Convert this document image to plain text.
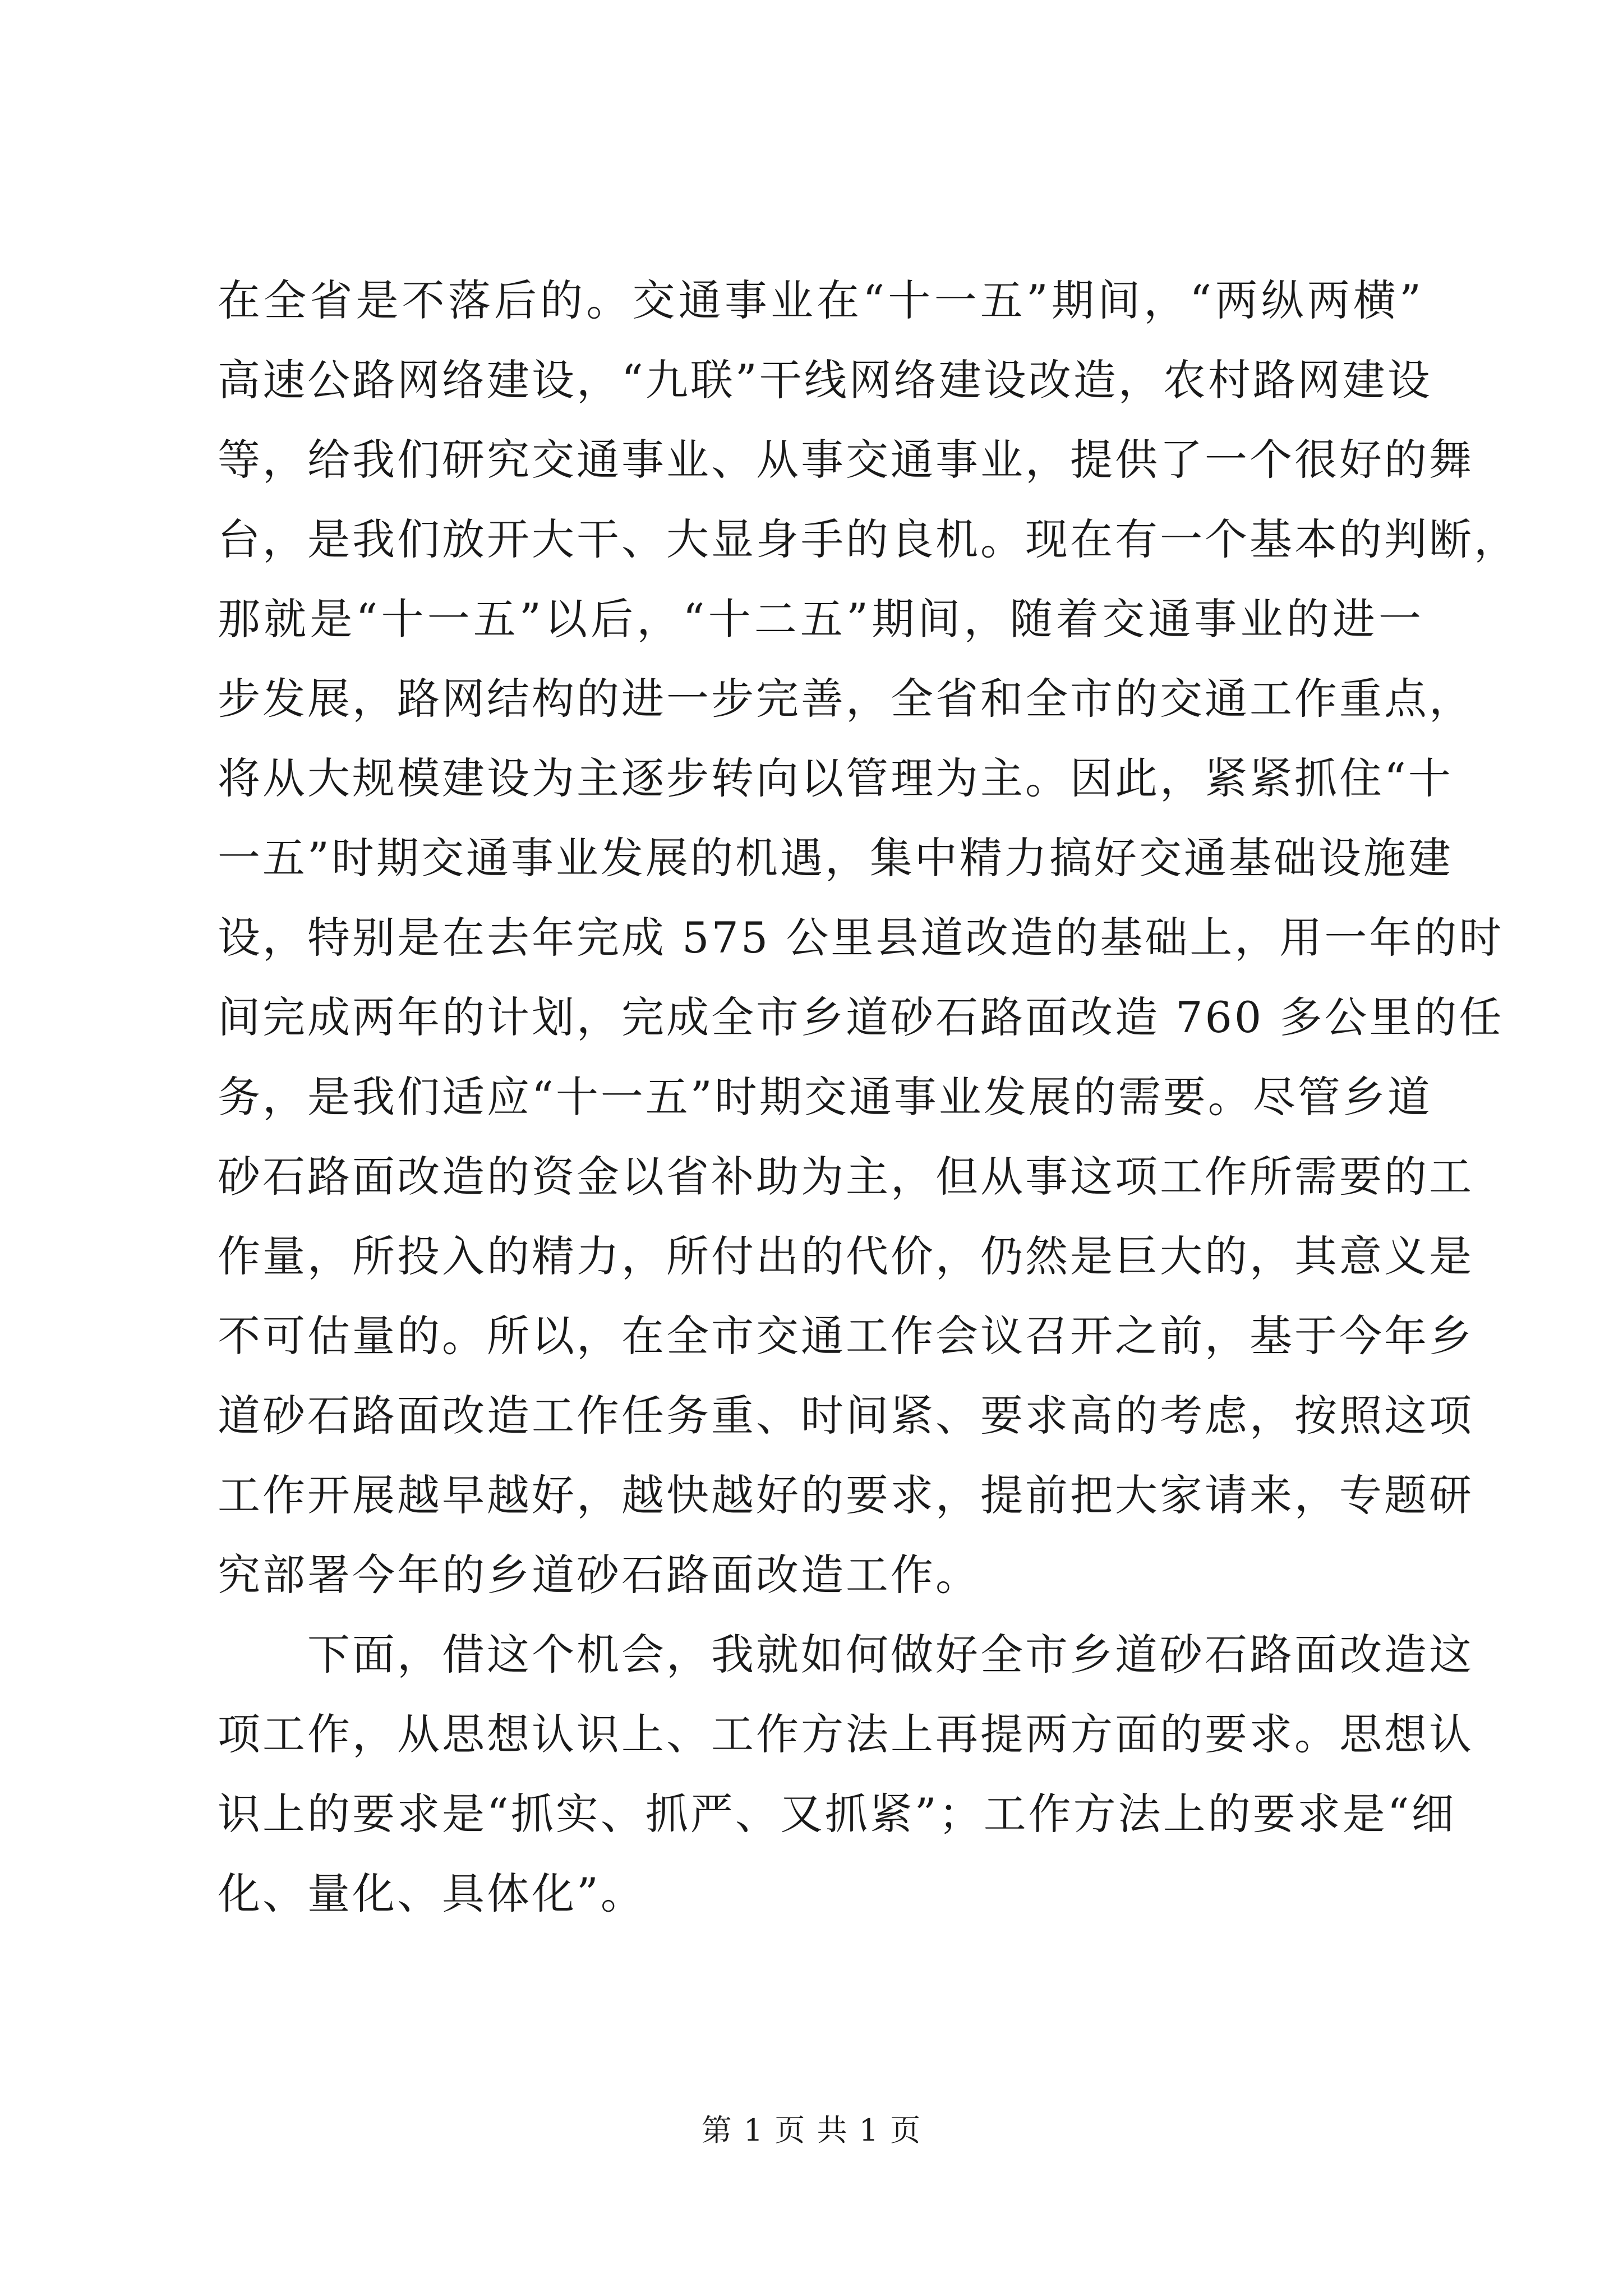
在全省是不落后的。交通事业在“十一五”期间，“两纵两横”
高速公路网络建设，“九联”干线网络建设改造，农村路网建设
等，给我们研究交通事业、从事交通事业，提供了一个很好的舞
台，是我们放开大干、大显身手的良机。现在有一个基本的判断，
那就是“十一五”以后，“十二五”期间，随着交通事业的进一
步发展，路网结构的进一步完善，全省和全市的交通工作重点，
将从大规模建设为主逐步转向以管理为主。因此，紧紧抓住“十
一五”时期交通事业发展的机遇，集中精力搞好交通基础设施建
设，特别是在去年完成 575 公里县道改造的基础上，用一年的时
间完成两年的计划，完成全市乡道砂石路面改造 760 多公里的任
务，是我们适应“十一五”时期交通事业发展的需要。尽管乡道
砂石路面改造的资金以省补助为主，但从事这项工作所需要的工
作量，所投入的精力，所付出的代价，仍然是巨大的，其意义是
不可估量的。所以，在全市交通工作会议召开之前，基于今年乡
道砂石路面改造工作任务重、时间紧、要求高的考虑，按照这项
工作开展越早越好，越快越好的要求，提前把大家请来，专题研
究部署今年的乡道砂石路面改造工作。
下面，借这个机会，我就如何做好全市乡道砂石路面改造这
项工作，从思想认识上、工作方法上再提两方面的要求。思想认
识上的要求是“抓实、抓严、又抓紧”；工作方法上的要求是“细
化、量化、具体化”。
第 1 页 共 1 页
